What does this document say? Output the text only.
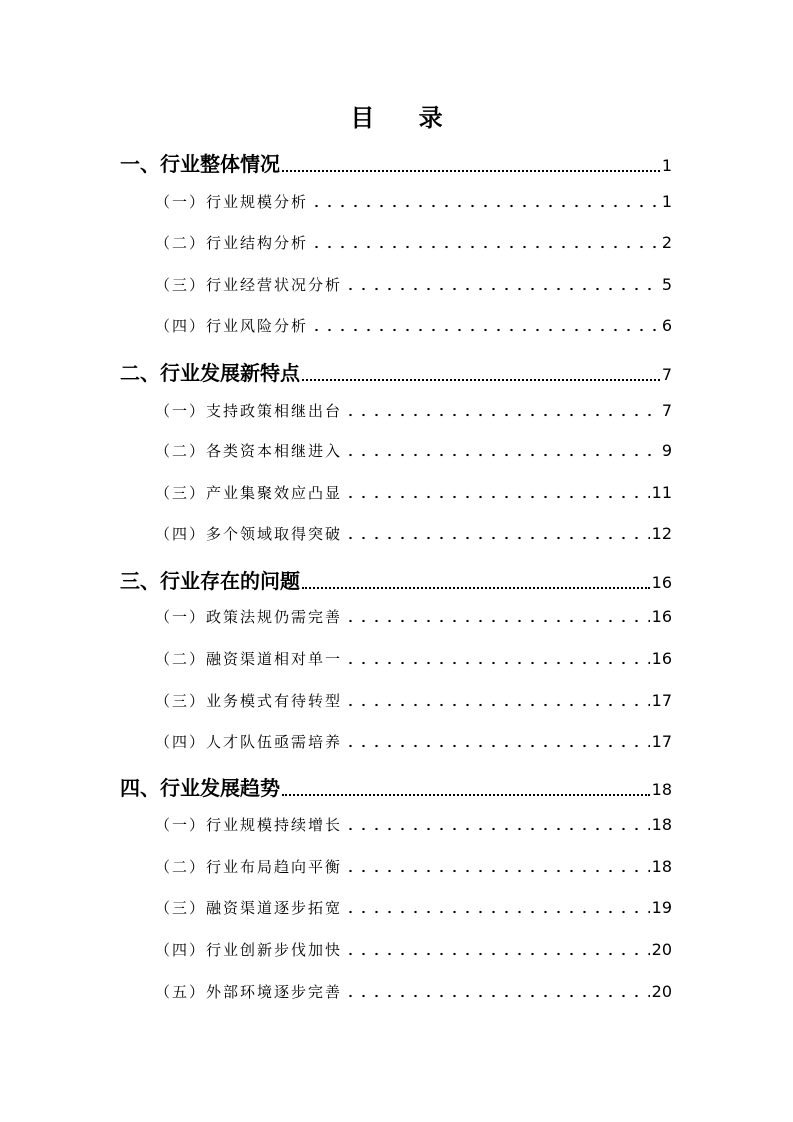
目 录
一、行业整体情况	1
（一）行业规模分析	1
（二）行业结构分析	2
（三）行业经营状况分析	5
（四）行业风险分析	6
二、行业发展新特点	7
（一）支持政策相继出台	7
（二）各类资本相继进入	9
（三）产业集聚效应凸显	11
（四）多个领域取得突破	12
三、行业存在的问题	16
（一）政策法规仍需完善	16
（二）融资渠道相对单一	16
（三）业务模式有待转型	17
（四）人才队伍亟需培养	17
四、行业发展趋势	18
（一）行业规模持续增长	18
（二）行业布局趋向平衡	18
（三）融资渠道逐步拓宽	19
（四）行业创新步伐加快	20
（五）外部环境逐步完善	20
